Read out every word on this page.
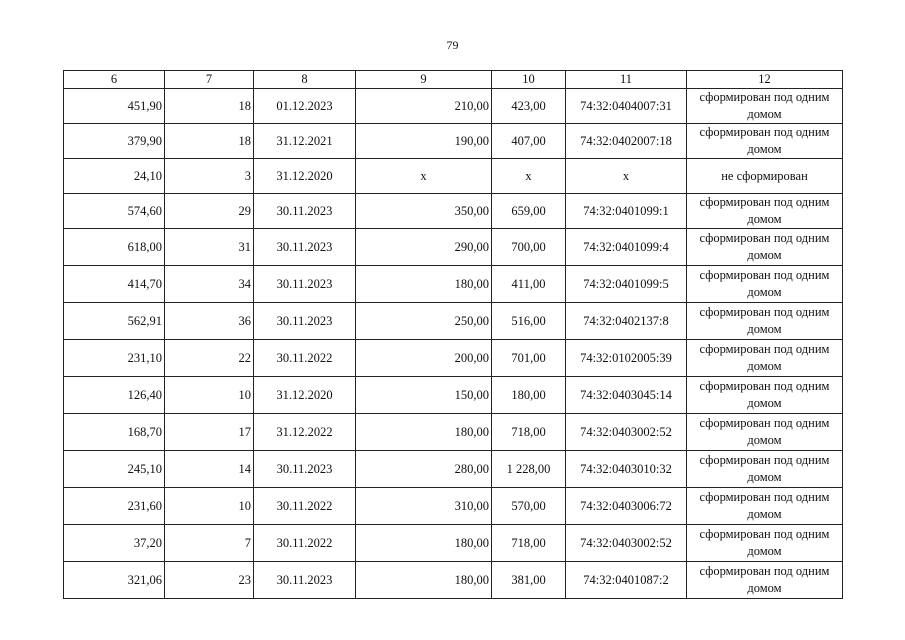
79
6	7	8	9	10	11	12
451,90	18	01.12.2023	210,00	423,00	74:32:0404007:31	сформирован под одним домом
379,90	18	31.12.2021	190,00	407,00	74:32:0402007:18	сформирован под одним домом
24,10	3	31.12.2020	x	x	x	не сформирован
574,60	29	30.11.2023	350,00	659,00	74:32:0401099:1	сформирован под одним домом
618,00	31	30.11.2023	290,00	700,00	74:32:0401099:4	сформирован под одним домом
414,70	34	30.11.2023	180,00	411,00	74:32:0401099:5	сформирован под одним домом
562,91	36	30.11.2023	250,00	516,00	74:32:0402137:8	сформирован под одним домом
231,10	22	30.11.2022	200,00	701,00	74:32:0102005:39	сформирован под одним домом
126,40	10	31.12.2020	150,00	180,00	74:32:0403045:14	сформирован под одним домом
168,70	17	31.12.2022	180,00	718,00	74:32:0403002:52	сформирован под одним домом
245,10	14	30.11.2023	280,00	1 228,00	74:32:0403010:32	сформирован под одним домом
231,60	10	30.11.2022	310,00	570,00	74:32:0403006:72	сформирован под одним домом
37,20	7	30.11.2022	180,00	718,00	74:32:0403002:52	сформирован под одним домом
321,06	23	30.11.2023	180,00	381,00	74:32:0401087:2	сформирован под одним домом
